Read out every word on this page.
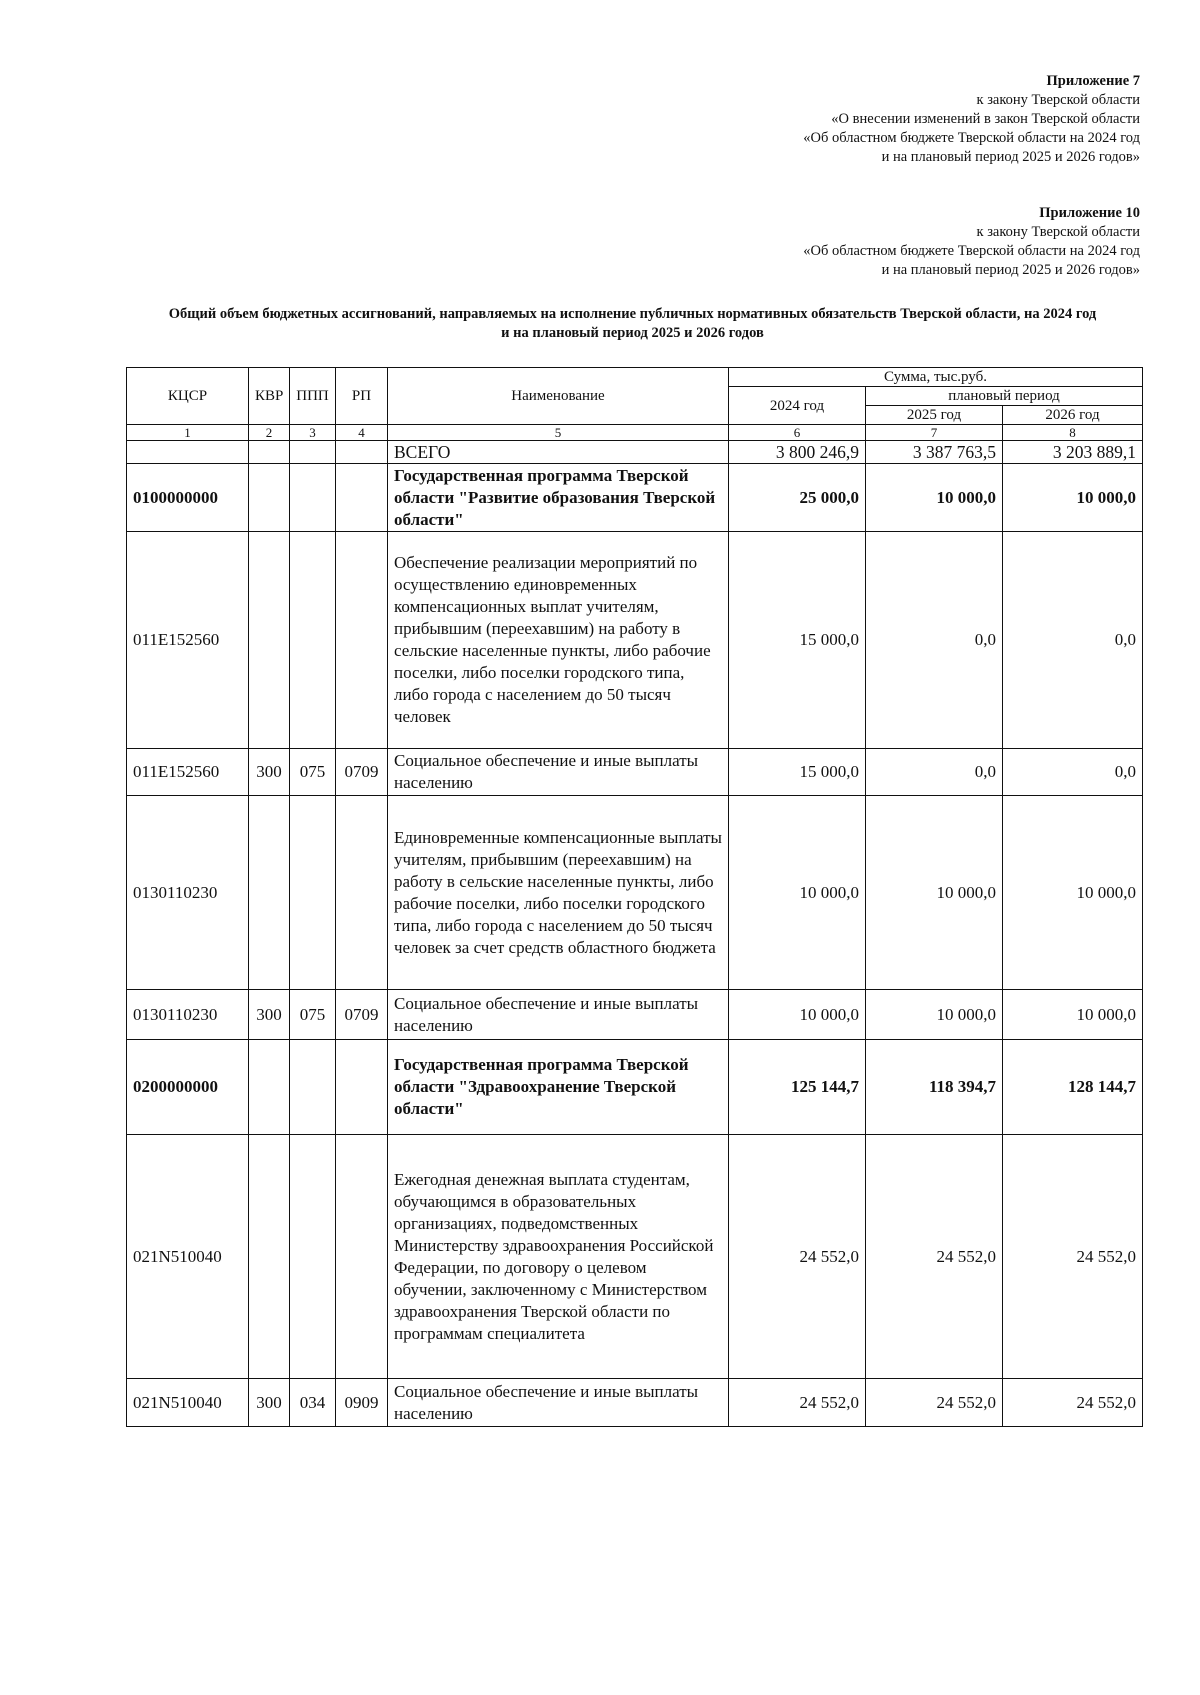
Приложение 7
к закону Тверской области
«О внесении изменений в закон Тверской области
«Об областном бюджете Тверской области на 2024 год
и на плановый период 2025 и 2026 годов»
Приложение 10
к закону Тверской области
«Об областном бюджете Тверской области на 2024 год
и на плановый период 2025 и 2026 годов»
Общий объем бюджетных ассигнований, направляемых на исполнение публичных нормативных обязательств Тверской области, на 2024 год
и на плановый период 2025 и 2026 годов
КЦСР	КВР	ППП	РП	Наименование	Сумма, тыс.руб.		
					2024 год	плановый период	
						2025 год	2026 год
1	2	3	4	5	6	7	8
				ВСЕГО	3 800 246,9	3 387 763,5	3 203 889,1
0100000000				Государственная программа Тверской области "Развитие образования Тверской области"	25 000,0	10 000,0	10 000,0
011E152560				Обеспечение реализации мероприятий по осуществлению единовременных компенсационных выплат учителям, прибывшим (переехавшим) на работу в сельские населенные пункты, либо рабочие поселки, либо поселки городского типа, либо города с населением до 50 тысяч человек	15 000,0	0,0	0,0
011E152560	300	075	0709	Социальное обеспечение и иные выплаты населению	15 000,0	0,0	0,0
0130110230				Единовременные компенсационные выплаты учителям, прибывшим (переехавшим) на работу в сельские населенные пункты, либо рабочие поселки, либо поселки городского типа, либо города с населением до 50 тысяч человек за счет средств областного бюджета	10 000,0	10 000,0	10 000,0
0130110230	300	075	0709	Социальное обеспечение и иные выплаты населению	10 000,0	10 000,0	10 000,0
0200000000				Государственная программа Тверской области "Здравоохранение Тверской области"	125 144,7	118 394,7	128 144,7
021N510040				Ежегодная денежная выплата студентам, обучающимся в образовательных организациях, подведомственных Министерству здравоохранения Российской Федерации, по договору о целевом обучении, заключенному с Министерством здравоохранения Тверской области по программам специалитета	24 552,0	24 552,0	24 552,0
021N510040	300	034	0909	Социальное обеспечение и иные выплаты населению	24 552,0	24 552,0	24 552,0
